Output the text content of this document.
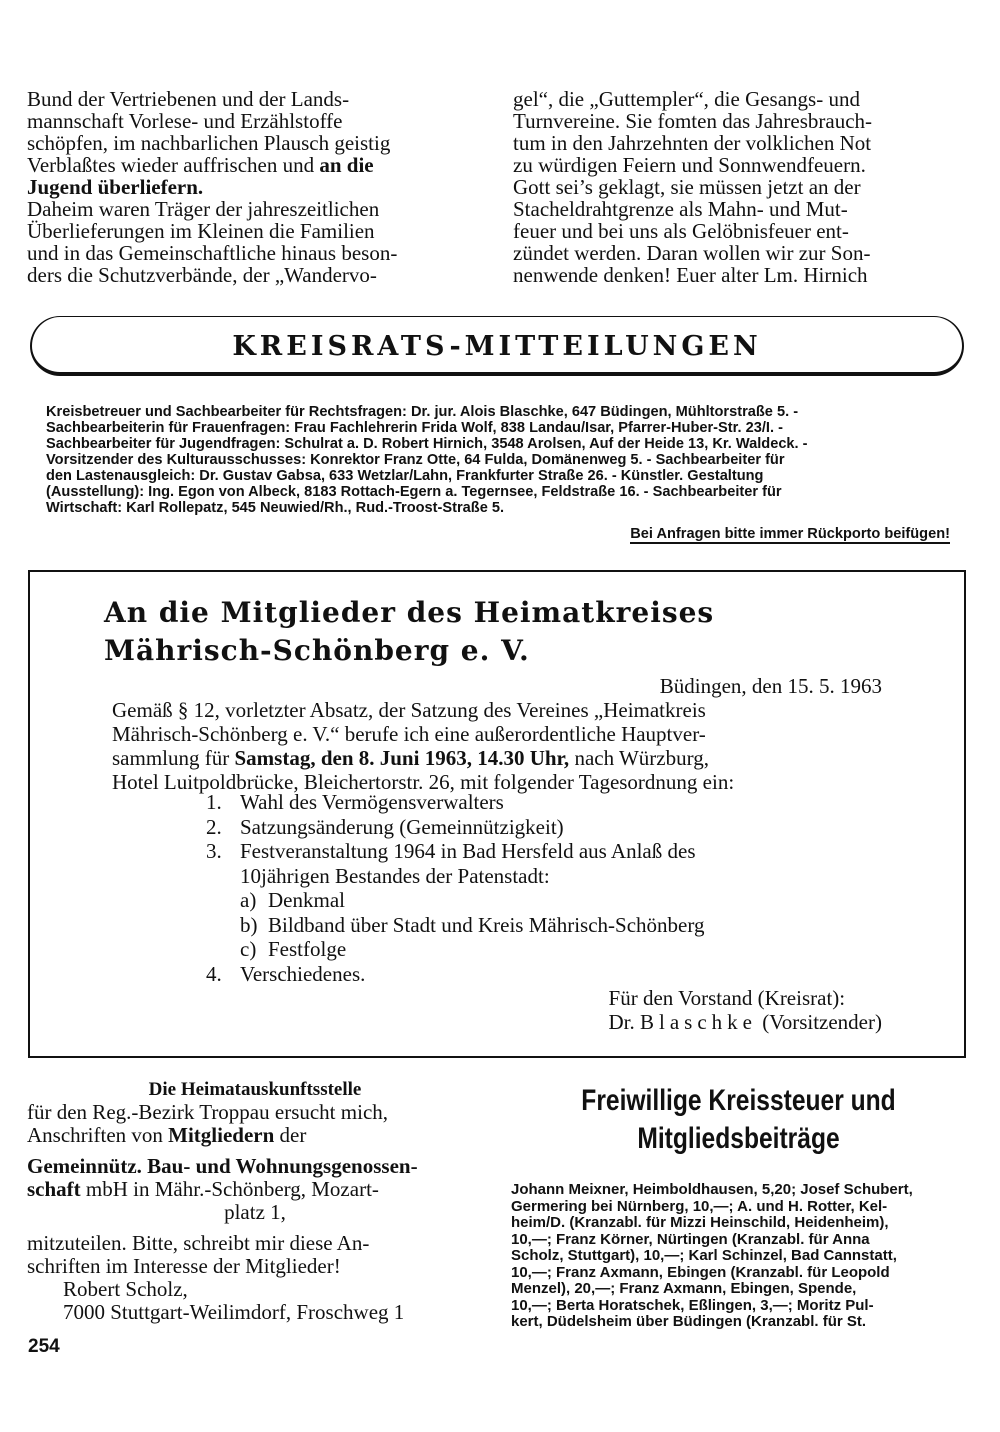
Bund der Vertriebenen und der Lands-
mannschaft Vorlese- und Erzählstoffe
schöpfen, im nachbarlichen Plausch geistig
Verblaßtes wieder auffrischen und an die
Jugend überliefern.
Daheim waren Träger der jahreszeitlichen
Überlieferungen im Kleinen die Familien
und in das Gemeinschaftliche hinaus beson-
ders die Schutzverbände, der „Wandervo-
gel“, die „Guttempler“, die Gesangs- und
Turnvereine. Sie fomten das Jahresbrauch-
tum in den Jahrzehnten der volklichen Not
zu würdigen Feiern und Sonnwendfeuern.
Gott sei’s geklagt, sie müssen jetzt an der
Stacheldrahtgrenze als Mahn- und Mut-
feuer und bei uns als Gelöbnisfeuer ent-
zündet werden. Daran wollen wir zur Son-
nenwende denken! Euer alter Lm. Hirnich
KREISRATS-MITTEILUNGEN
Kreisbetreuer und Sachbearbeiter für Rechtsfragen: Dr. jur. Alois Blaschke, 647 Büdingen, Mühltorstraße 5. -
Sachbearbeiterin für Frauenfragen: Frau Fachlehrerin Frida Wolf, 838 Landau/Isar, Pfarrer-Huber-Str. 23/I. -
Sachbearbeiter für Jugendfragen: Schulrat a. D. Robert Hirnich, 3548 Arolsen, Auf der Heide 13, Kr. Waldeck. -
Vorsitzender des Kulturausschusses: Konrektor Franz Otte, 64 Fulda, Domänenweg 5. - Sachbearbeiter für
den Lastenausgleich: Dr. Gustav Gabsa, 633 Wetzlar/Lahn, Frankfurter Straße 26. - Künstler. Gestaltung
(Ausstellung): Ing. Egon von Albeck, 8183 Rottach-Egern a. Tegernsee, Feldstraße 16. - Sachbearbeiter für
Wirtschaft: Karl Rollepatz, 545 Neuwied/Rh., Rud.-Troost-Straße 5.
Bei Anfragen bitte immer Rückporto beifügen!
An die Mitglieder des Heimatkreises
Mährisch-Schönberg e. V.
Büdingen, den 15. 5. 1963
Gemäß § 12, vorletzter Absatz, der Satzung des Vereines „Heimatkreis
Mährisch-Schönberg e. V.“ berufe ich eine außerordentliche Hauptver-
sammlung für Samstag, den 8. Juni 1963, 14.30 Uhr, nach Würzburg,
Hotel Luitpoldbrücke, Bleichertorstr. 26, mit folgender Tagesordnung ein:
1. Wahl des Vermögensverwalters
2. Satzungsänderung (Gemeinnützigkeit)
3. Festveranstaltung 1964 in Bad Hersfeld aus Anlaß des
10jährigen Bestandes der Patenstadt:
a) Denkmal
b) Bildband über Stadt und Kreis Mährisch-Schönberg
c) Festfolge
4. Verschiedenes.
Für den Vorstand (Kreisrat):
Dr. Blaschke (Vorsitzender)
Die Heimatauskunftsstelle
für den Reg.-Bezirk Troppau ersucht mich,
Anschriften von Mitgliedern der
Gemeinnütz. Bau- und Wohnungsgenossen-
schaft mbH in Mähr.-Schönberg, Mozart-
platz 1,
mitzuteilen. Bitte, schreibt mir diese An-
schriften im Interesse der Mitglieder!
Robert Scholz,
7000 Stuttgart-Weilimdorf, Froschweg 1
Freiwillige Kreissteuer und
Mitgliedsbeiträge
Johann Meixner, Heimboldhausen, 5,20; Josef Schubert,
Germering bei Nürnberg, 10,—; A. und H. Rotter, Kel-
heim/D. (Kranzabl. für Mizzi Heinschild, Heidenheim),
10,—; Franz Körner, Nürtingen (Kranzabl. für Anna
Scholz, Stuttgart), 10,—; Karl Schinzel, Bad Cannstatt,
10,—; Franz Axmann, Ebingen (Kranzabl. für Leopold
Menzel), 20,—; Franz Axmann, Ebingen, Spende,
10,—; Berta Horatschek, Eßlingen, 3,—; Moritz Pul-
kert, Düdelsheim über Büdingen (Kranzabl. für St.
254
